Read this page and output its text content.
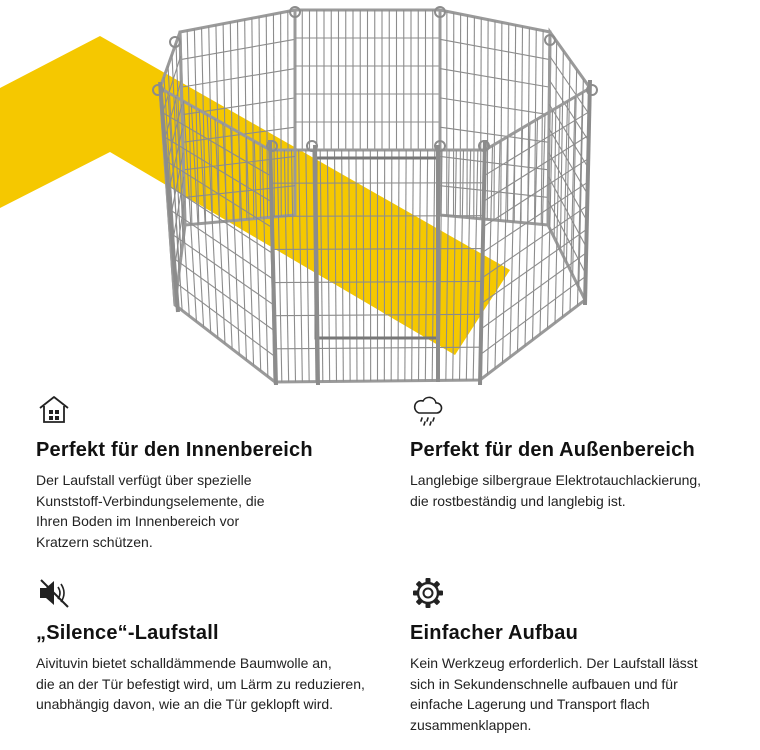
Perfekt für den Innenbereich

Der Laufstall verfügt über spezielle
Kunststoff-Verbindungselemente, die
Ihren Boden im Innenbereich vor
Kratzern schützen.

Perfekt für den Außenbereich

Langlebige silbergraue Elektrotauchlackierung,
die rostbeständig und langlebig ist.

„Silence“-Laufstall

Aivituvin bietet schalldämmende Baumwolle an,
die an der Tür befestigt wird, um Lärm zu reduzieren,
unabhängig davon, wie an die Tür geklopft wird.

Einfacher Aufbau

Kein Werkzeug erforderlich. Der Laufstall lässt
sich in Sekundenschnelle aufbauen und für
einfache Lagerung und Transport flach
zusammenklappen.
